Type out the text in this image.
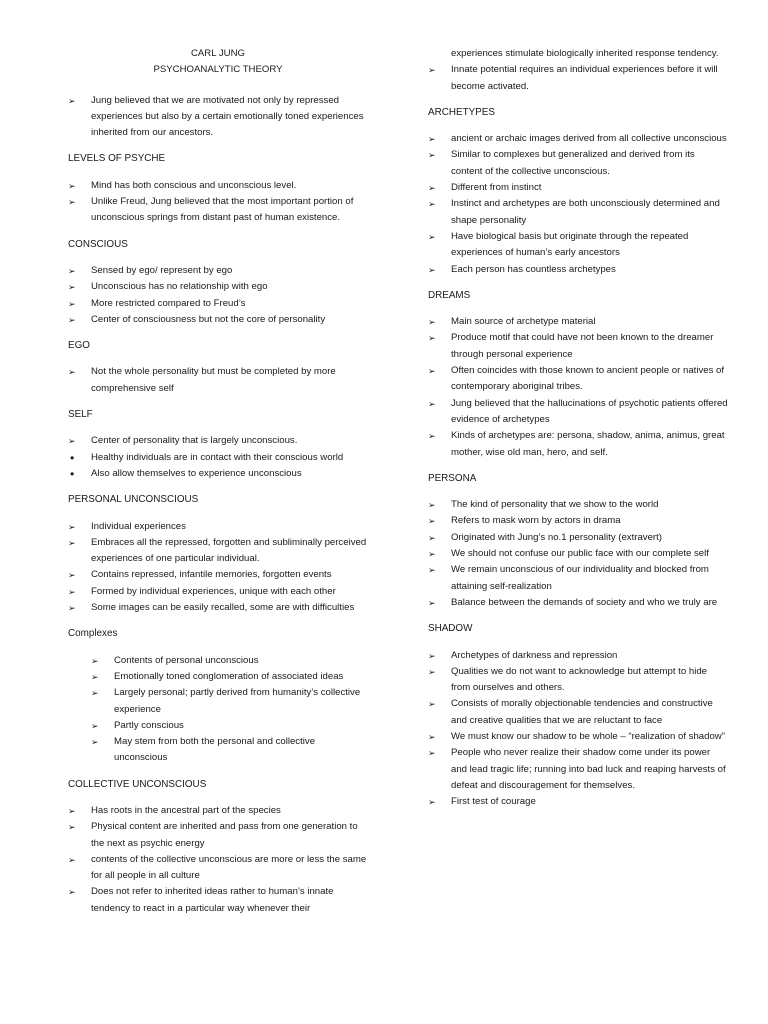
CARL JUNG

PSYCHOANALYTIC THEORY

➢ Jung believed that we are motivated not only by repressed experiences but also by a certain emotionally toned experiences inherited from our ancestors.
LEVELS OF PSYCHE
➢ Mind has both conscious and unconscious level.
➢ Unlike Freud, Jung believed that the most important portion of unconscious springs from distant past of human existence.
CONSCIOUS
➢ Sensed by ego/ represent by ego
➢ Unconscious has no relationship with ego
➢ More restricted compared to Freud’s
➢ Center of consciousness but not the core of personality
EGO
➢ Not the whole personality but must be completed by more comprehensive self
SELF
➢ Center of personality that is largely unconscious.
• Healthy individuals are in contact with their conscious world
• Also allow themselves to experience unconscious
PERSONAL UNCONSCIOUS
➢ Individual experiences
➢ Embraces all the repressed, forgotten and subliminally perceived experiences of one particular individual.
➢ Contains repressed, infantile memories, forgotten events
➢ Formed by individual experiences, unique with each other
➢ Some images can be easily recalled, some are with difficulties
Complexes
➢ Contents of personal unconscious
➢ Emotionally toned conglomeration of associated ideas
➢ Largely personal; partly derived from humanity’s collective experience
➢ Partly conscious
➢ May stem from both the personal and collective unconscious
COLLECTIVE UNCONSCIOUS
➢ Has roots in the ancestral part of the species
➢ Physical content are inherited and pass from one generation to the next as psychic energy
➢ contents of the collective unconscious are more or less the same for all people in all culture
➢ Does not refer to inherited ideas rather to human’s innate tendency to react in a particular way whenever their

experiences stimulate biologically inherited response tendency.

➢ Innate potential requires an individual experiences before it will become activated.
ARCHETYPES
➢ ancient or archaic images derived from all collective unconscious
➢ Similar to complexes but generalized and derived from its content of the collective unconscious.
➢ Different from instinct
➢ Instinct and archetypes are both unconsciously determined and shape personality
➢ Have biological basis but originate through the repeated experiences of human’s early ancestors
➢ Each person has countless archetypes
DREAMS
➢ Main source of archetype material
➢ Produce motif that could have not been known to the dreamer through personal experience
➢ Often coincides with those known to ancient people or natives of contemporary aboriginal tribes.
➢ Jung believed that the hallucinations of psychotic patients offered evidence of archetypes
➢ Kinds of archetypes are: persona, shadow, anima, animus, great mother, wise old man, hero, and self.
PERSONA
➢ The kind of personality that we show to the world
➢ Refers to mask worn by actors in drama
➢ Originated with Jung’s no.1 personality (extravert)
➢ We should not confuse our public face with our complete self
➢ We remain unconscious of our individuality and blocked from attaining self-realization
➢ Balance between the demands of society and who we truly are
SHADOW
➢ Archetypes of darkness and repression
➢ Qualities we do not want to acknowledge but attempt to hide from ourselves and others.
➢ Consists of morally objectionable tendencies and constructive and creative qualities that we are reluctant to face
➢ We must know our shadow to be whole – “realization of shadow”
➢ People who never realize their shadow come under its power and lead tragic life; running into bad luck and reaping harvests of defeat and discouragement for themselves.
➢ First test of courage
